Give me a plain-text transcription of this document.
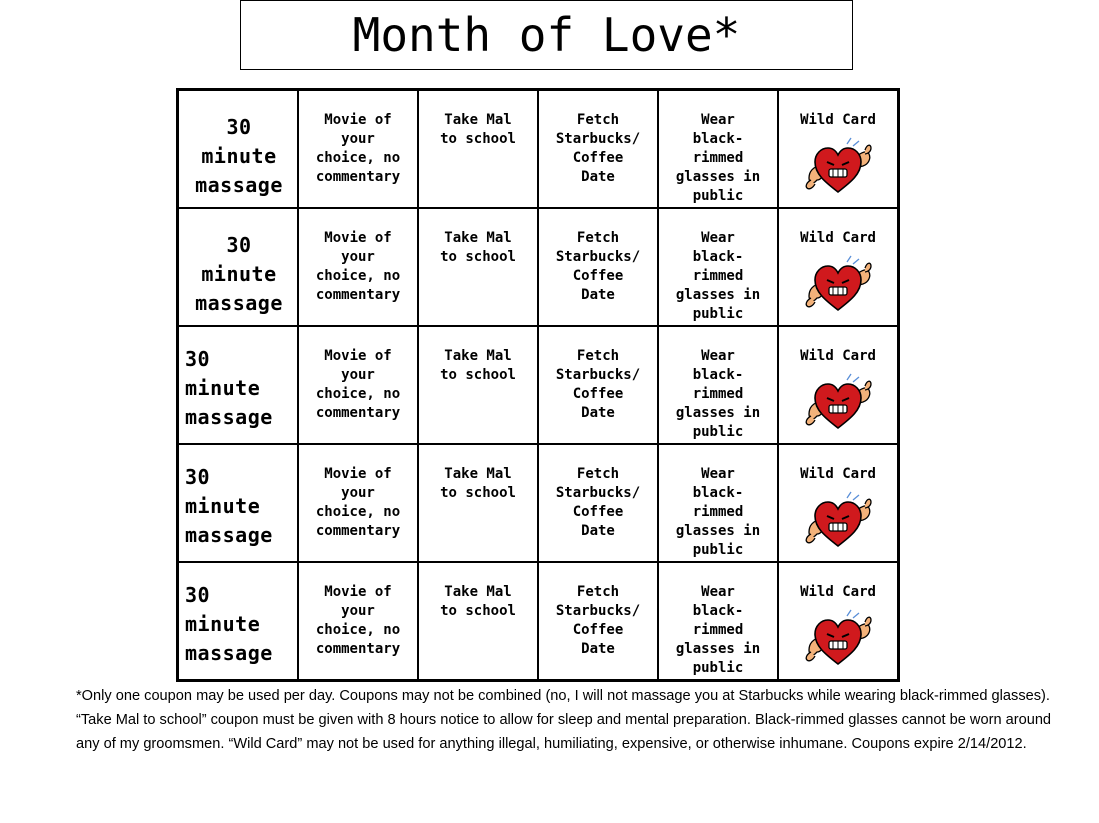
Month of Love*
30
minute
massage	Movie of
your
choice, no
commentary	Take Mal
to school	Fetch
Starbucks/
Coffee
Date	Wear
black-
rimmed
glasses in
public	Wild Card

30
minute
massage	Movie of
your
choice, no
commentary	Take Mal
to school	Fetch
Starbucks/
Coffee
Date	Wear
black-
rimmed
glasses in
public	Wild Card

30
minute
massage	Movie of
your
choice, no
commentary	Take Mal
to school	Fetch
Starbucks/
Coffee
Date	Wear
black-
rimmed
glasses in
public	Wild Card

30
minute
massage	Movie of
your
choice, no
commentary	Take Mal
to school	Fetch
Starbucks/
Coffee
Date	Wear
black-
rimmed
glasses in
public	Wild Card

30
minute
massage	Movie of
your
choice, no
commentary	Take Mal
to school	Fetch
Starbucks/
Coffee
Date	Wear
black-
rimmed
glasses in
public	Wild Card
*Only one coupon may be used per day. Coupons may not be combined (no, I will not massage you at Starbucks while wearing black-rimmed glasses). “Take Mal to school” coupon must be given with 8 hours notice to allow for sleep and mental preparation. Black-rimmed glasses cannot be worn around any of my groomsmen. “Wild Card” may not be used for anything illegal, humiliating, expensive, or otherwise inhumane. Coupons expire 2/14/2012.
